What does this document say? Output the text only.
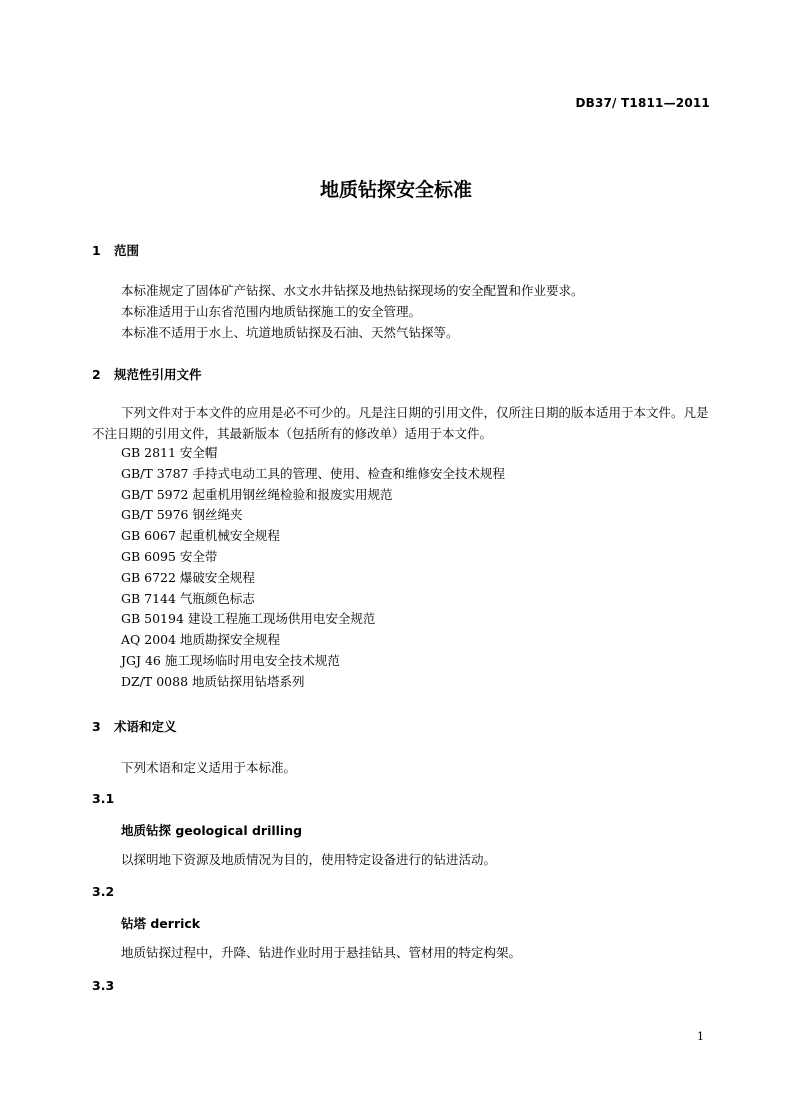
DB37/ T1811—2011
地质钻探安全标准
1 范围
本标准规定了固体矿产钻探、水文水井钻探及地热钻探现场的安全配置和作业要求。
本标准适用于山东省范围内地质钻探施工的安全管理。
本标准不适用于水上、坑道地质钻探及石油、天然气钻探等。
2 规范性引用文件
下列文件对于本文件的应用是必不可少的。凡是注日期的引用文件，仅所注日期的版本适用于本文件。凡是不注日期的引用文件，其最新版本（包括所有的修改单）适用于本文件。
GB 2811 安全帽
GB/T 3787 手持式电动工具的管理、使用、检查和维修安全技术规程
GB/T 5972 起重机用钢丝绳检验和报废实用规范
GB/T 5976 钢丝绳夹
GB 6067 起重机械安全规程
GB 6095 安全带
GB 6722 爆破安全规程
GB 7144 气瓶颜色标志
GB 50194 建设工程施工现场供用电安全规范
AQ 2004 地质勘探安全规程
JGJ 46 施工现场临时用电安全技术规范
DZ/T 0088 地质钻探用钻塔系列
3 术语和定义
下列术语和定义适用于本标准。
3.1
地质钻探 geological drilling
以探明地下资源及地质情况为目的，使用特定设备进行的钻进活动。
3.2
钻塔 derrick
地质钻探过程中，升降、钻进作业时用于悬挂钻具、管材用的特定构架。
3.3
1
